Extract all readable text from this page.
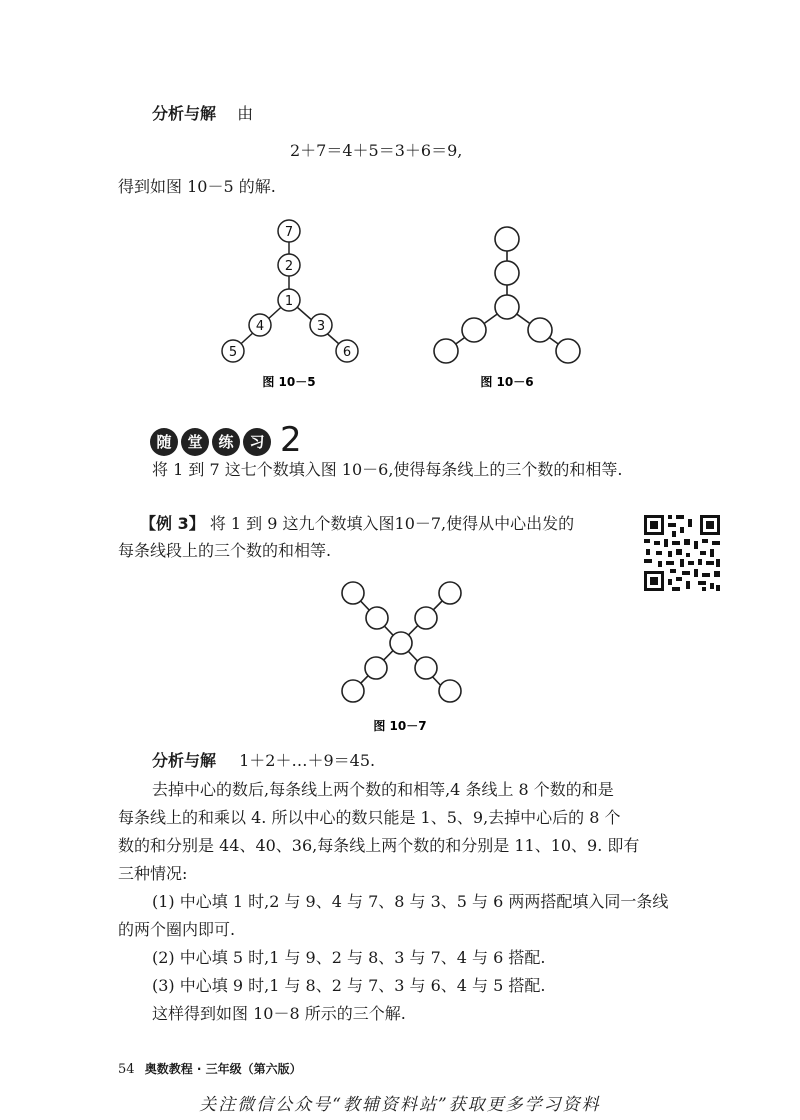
分析与解 由
2＋7＝4＋5＝3＋6＝9,
得到如图 10－5 的解.
7
2
1
4
5
3
6
图 10－5	图 10－6
随 堂 练 习 2
将 1 到 7 这七个数填入图 10－6,使得每条线上的三个数的和相等.
【例 3】 将 1 到 9 这九个数填入图10－7,使得从中心出发的
每条线段上的三个数的和相等.
图 10－7
分析与解 1＋2＋…＋9＝45.
去掉中心的数后,每条线上两个数的和相等,4 条线上 8 个数的和是
每条线上的和乘以 4. 所以中心的数只能是 1、5、9,去掉中心后的 8 个
数的和分别是 44、40、36,每条线上两个数的和分别是 11、10、9. 即有
三种情况:
(1) 中心填 1 时,2 与 9、4 与 7、8 与 3、5 与 6 两两搭配填入同一条线
的两个圈内即可.
(2) 中心填 5 时,1 与 9、2 与 8、3 与 7、4 与 6 搭配.
(3) 中心填 9 时,1 与 8、2 与 7、3 与 6、4 与 5 搭配.
这样得到如图 10－8 所示的三个解.
54 奥数教程 · 三年级（第六版）
关注微信公众号“教辅资料站”获取更多学习资料
